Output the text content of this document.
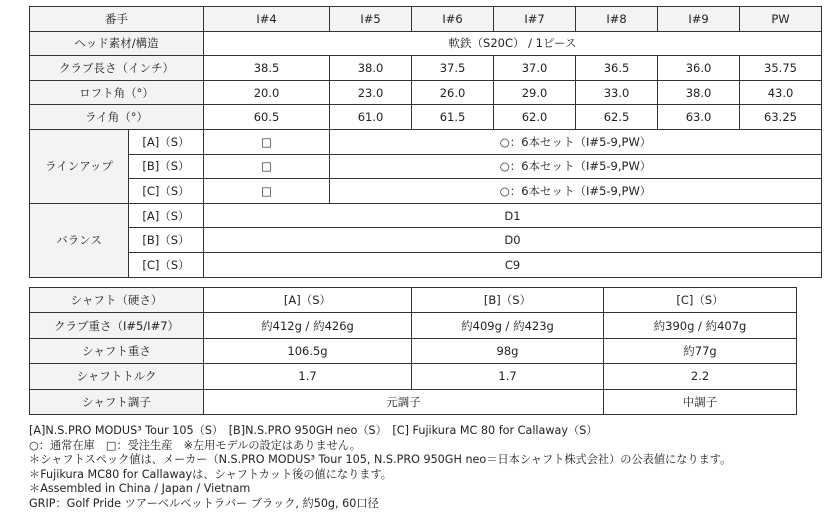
番手		I#4	I#5	I#6	I#7	I#8	I#9	PW
ヘッド素材/構造		軟鉄（S20C） / 1ピース						
クラブ長さ（インチ）		38.5	38.0	37.5	37.0	36.5	36.0	35.75
ロフト角（°）		20.0	23.0	26.0	29.0	33.0	38.0	43.0
ライ角（°）		60.5	61.0	61.5	62.0	62.5	63.0	63.25
ラインアップ	[A]（S）	□	○：6本セット（I#5-9,PW）					
	[B]（S）	□	○：6本セット（I#5-9,PW）					
	[C]（S）	□	○：6本セット（I#5-9,PW）					
バランス	[A]（S）	D1						
	[B]（S）	D0						
	[C]（S）	C9						
シャフト（硬さ）	[A]（S）	[B]（S）	[C]（S）
クラブ重さ（I#5/I#7）	約412g / 約426g	約409g / 約423g	約390g / 約407g
シャフト重さ	106.5g	98g	約77g
シャフトトルク	1.7	1.7	2.2
シャフト調子	元調子		中調子
[A]N.S.PRO MODUS³ Tour 105（S）　[B]N.S.PRO 950GH neo（S）　[C] Fujikura MC 80 for Callaway（S）
○：通常在庫　□：受注生産　※左用モデルの設定はありません。
＊シャフトスペック値は、メーカー（N.S.PRO MODUS³ Tour 105, N.S.PRO 950GH neo＝日本シャフト株式会社）の公表値になります。
＊Fujikura MC80 for Callawayは、シャフトカット後の値になります。
＊Assembled in China / Japan / Vietnam
GRIP：Golf Pride ツアーベルベットラバー ブラック, 約50g, 60口径
